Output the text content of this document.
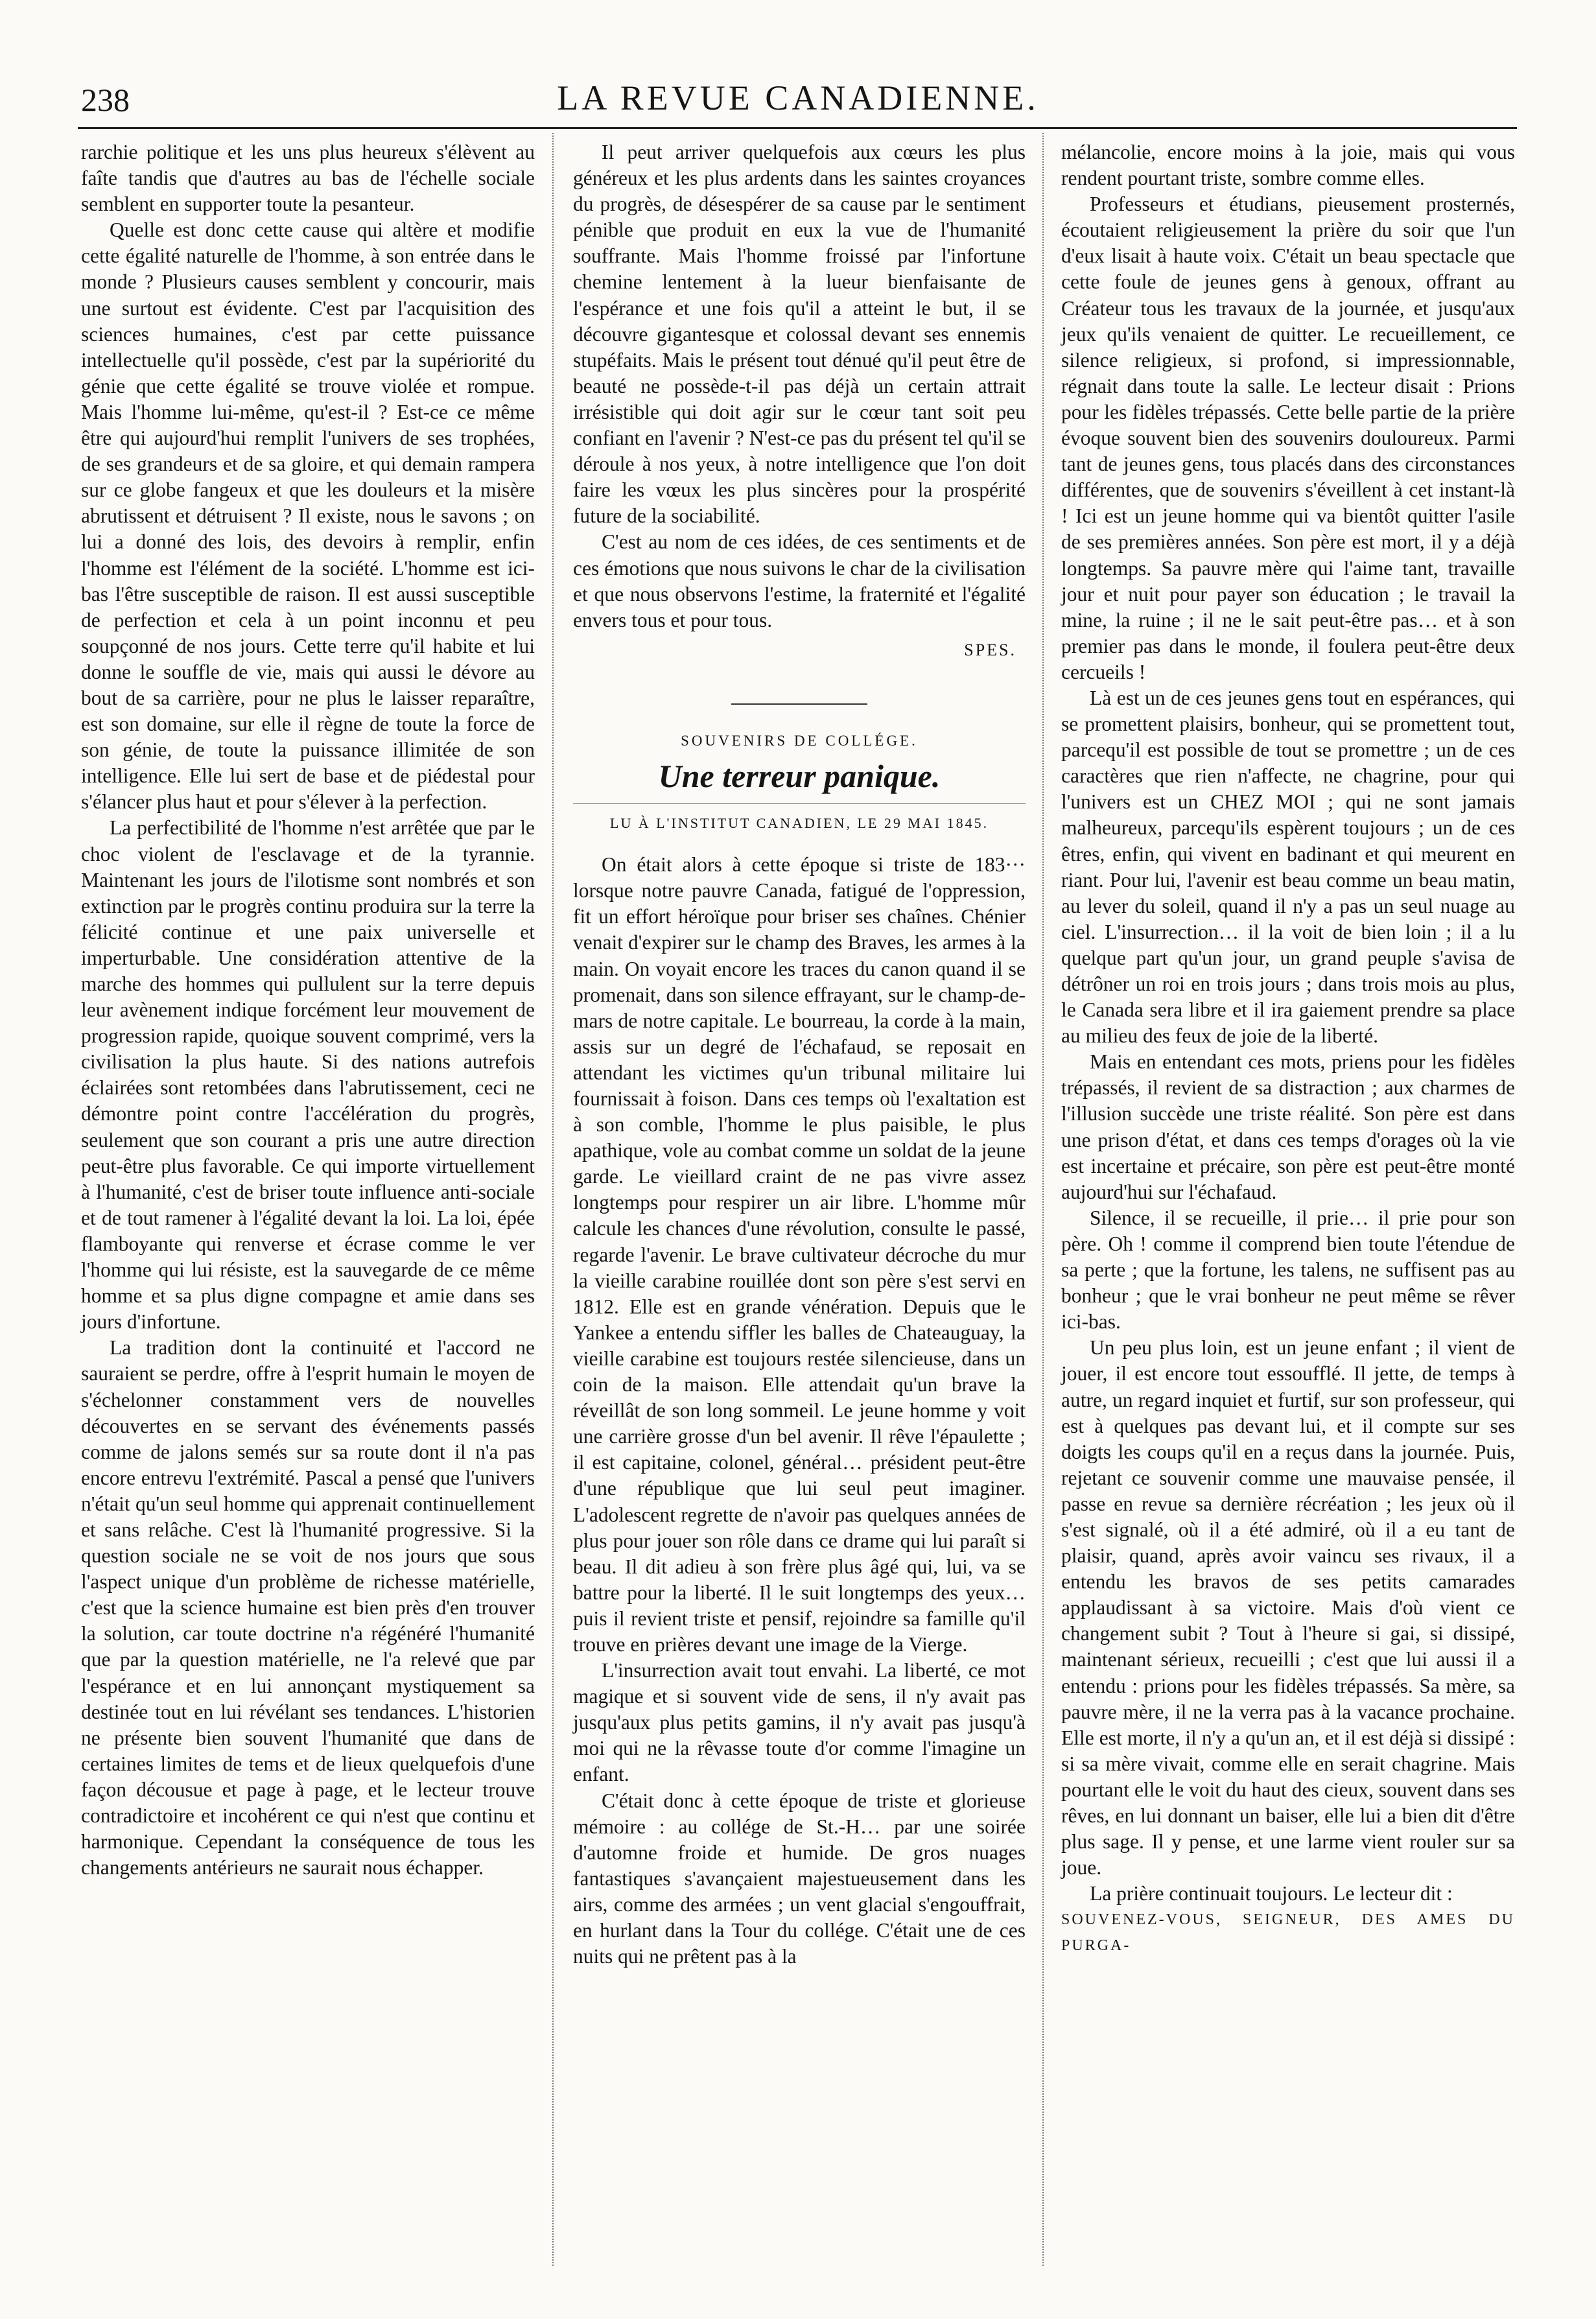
238	LA REVUE CANADIENNE.

rarchie politique et les uns plus heureux s'élèvent au faîte tandis que d'autres au bas de l'échelle sociale semblent en supporter toute la pesanteur.

Quelle est donc cette cause qui altère et modifie cette égalité naturelle de l'homme, à son entrée dans le monde ? Plusieurs causes semblent y concourir, mais une surtout est évidente. C'est par l'acquisition des sciences humaines, c'est par cette puissance intellectuelle qu'il possède, c'est par la supériorité du génie que cette égalité se trouve violée et rompue. Mais l'homme lui-même, qu'est-il ? Est-ce ce même être qui aujourd'hui remplit l'univers de ses trophées, de ses grandeurs et de sa gloire, et qui demain rampera sur ce globe fangeux et que les douleurs et la misère abrutissent et détruisent ? Il existe, nous le savons ; on lui a donné des lois, des devoirs à remplir, enfin l'homme est l'élément de la société. L'homme est ici-bas l'être susceptible de raison. Il est aussi susceptible de perfection et cela à un point inconnu et peu soupçonné de nos jours. Cette terre qu'il habite et lui donne le souffle de vie, mais qui aussi le dévore au bout de sa carrière, pour ne plus le laisser reparaître, est son domaine, sur elle il règne de toute la force de son génie, de toute la puissance illimitée de son intelligence. Elle lui sert de base et de piédestal pour s'élancer plus haut et pour s'élever à la perfection.

La perfectibilité de l'homme n'est arrêtée que par le choc violent de l'esclavage et de la tyrannie. Maintenant les jours de l'ilotisme sont nombrés et son extinction par le progrès continu produira sur la terre la félicité continue et une paix universelle et imperturbable. Une considération attentive de la marche des hommes qui pullulent sur la terre depuis leur avènement indique forcément leur mouvement de progression rapide, quoique souvent comprimé, vers la civilisation la plus haute. Si des nations autrefois éclairées sont retombées dans l'abrutissement, ceci ne démontre point contre l'accélération du progrès, seulement que son courant a pris une autre direction peut-être plus favorable. Ce qui importe virtuellement à l'humanité, c'est de briser toute influence anti-sociale et de tout ramener à l'égalité devant la loi. La loi, épée flamboyante qui renverse et écrase comme le ver l'homme qui lui résiste, est la sauvegarde de ce même homme et sa plus digne compagne et amie dans ses jours d'infortune.

La tradition dont la continuité et l'accord ne sauraient se perdre, offre à l'esprit humain le moyen de s'échelonner constamment vers de nouvelles découvertes en se servant des événements passés comme de jalons semés sur sa route dont il n'a pas encore entrevu l'extrémité. Pascal a pensé que l'univers n'était qu'un seul homme qui apprenait continuellement et sans relâche. C'est là l'humanité progressive. Si la question sociale ne se voit de nos jours que sous l'aspect unique d'un problème de richesse matérielle, c'est que la science humaine est bien près d'en trouver la solution, car toute doctrine n'a régénéré l'humanité que par la question matérielle, ne l'a relevé que par l'espérance et en lui annonçant mystiquement sa destinée tout en lui révélant ses tendances. L'historien ne présente bien souvent l'humanité que dans de certaines limites de tems et de lieux quelquefois d'une façon décousue et page à page, et le lecteur trouve contradictoire et incohérent ce qui n'est que continu et harmonique. Cependant la conséquence de tous les changements antérieurs ne saurait nous échapper.

Il peut arriver quelquefois aux cœurs les plus généreux et les plus ardents dans les saintes croyances du progrès, de désespérer de sa cause par le sentiment pénible que produit en eux la vue de l'humanité souffrante. Mais l'homme froissé par l'infortune chemine lentement à la lueur bienfaisante de l'espérance et une fois qu'il a atteint le but, il se découvre gigantesque et colossal devant ses ennemis stupéfaits. Mais le présent tout dénué qu'il peut être de beauté ne possède-t-il pas déjà un certain attrait irrésistible qui doit agir sur le cœur tant soit peu confiant en l'avenir ? N'est-ce pas du présent tel qu'il se déroule à nos yeux, à notre intelligence que l'on doit faire les vœux les plus sincères pour la prospérité future de la sociabilité.

C'est au nom de ces idées, de ces sentiments et de ces émotions que nous suivons le char de la civilisation et que nous observons l'estime, la fraternité et l'égalité envers tous et pour tous.

SPES.

SOUVENIRS DE COLLÉGE.
Une terreur panique.
LU À L'INSTITUT CANADIEN, LE 29 MAI 1845.

On était alors à cette époque si triste de 183··· lorsque notre pauvre Canada, fatigué de l'oppression, fit un effort héroïque pour briser ses chaînes. Chénier venait d'expirer sur le champ des Braves, les armes à la main. On voyait encore les traces du canon quand il se promenait, dans son silence effrayant, sur le champ-de-mars de notre capitale. Le bourreau, la corde à la main, assis sur un degré de l'échafaud, se reposait en attendant les victimes qu'un tribunal militaire lui fournissait à foison. Dans ces temps où l'exaltation est à son comble, l'homme le plus paisible, le plus apathique, vole au combat comme un soldat de la jeune garde. Le vieillard craint de ne pas vivre assez longtemps pour respirer un air libre. L'homme mûr calcule les chances d'une révolution, consulte le passé, regarde l'avenir. Le brave cultivateur décroche du mur la vieille carabine rouillée dont son père s'est servi en 1812. Elle est en grande vénération. Depuis que le Yankee a entendu siffler les balles de Chateauguay, la vieille carabine est toujours restée silencieuse, dans un coin de la maison. Elle attendait qu'un brave la réveillât de son long sommeil. Le jeune homme y voit une carrière grosse d'un bel avenir. Il rêve l'épaulette ; il est capitaine, colonel, général… président peut-être d'une république que lui seul peut imaginer. L'adolescent regrette de n'avoir pas quelques années de plus pour jouer son rôle dans ce drame qui lui paraît si beau. Il dit adieu à son frère plus âgé qui, lui, va se battre pour la liberté. Il le suit longtemps des yeux… puis il revient triste et pensif, rejoindre sa famille qu'il trouve en prières devant une image de la Vierge.

L'insurrection avait tout envahi. La liberté, ce mot magique et si souvent vide de sens, il n'y avait pas jusqu'aux plus petits gamins, il n'y avait pas jusqu'à moi qui ne la rêvasse toute d'or comme l'imagine un enfant.

C'était donc à cette époque de triste et glorieuse mémoire : au collége de St.-H… par une soirée d'automne froide et humide. De gros nuages fantastiques s'avançaient majestueusement dans les airs, comme des armées ; un vent glacial s'engouffrait, en hurlant dans la Tour du collége. C'était une de ces nuits qui ne prêtent pas à la

mélancolie, encore moins à la joie, mais qui vous rendent pourtant triste, sombre comme elles.

Professeurs et étudians, pieusement prosternés, écoutaient religieusement la prière du soir que l'un d'eux lisait à haute voix. C'était un beau spectacle que cette foule de jeunes gens à genoux, offrant au Créateur tous les travaux de la journée, et jusqu'aux jeux qu'ils venaient de quitter. Le recueillement, ce silence religieux, si profond, si impressionnable, régnait dans toute la salle. Le lecteur disait : Prions pour les fidèles trépassés. Cette belle partie de la prière évoque souvent bien des souvenirs douloureux. Parmi tant de jeunes gens, tous placés dans des circonstances différentes, que de souvenirs s'éveillent à cet instant-là ! Ici est un jeune homme qui va bientôt quitter l'asile de ses premières années. Son père est mort, il y a déjà longtemps. Sa pauvre mère qui l'aime tant, travaille jour et nuit pour payer son éducation ; le travail la mine, la ruine ; il ne le sait peut-être pas… et à son premier pas dans le monde, il foulera peut-être deux cercueils !

Là est un de ces jeunes gens tout en espérances, qui se promettent plaisirs, bonheur, qui se promettent tout, parcequ'il est possible de tout se promettre ; un de ces caractères que rien n'affecte, ne chagrine, pour qui l'univers est un CHEZ MOI ; qui ne sont jamais malheureux, parcequ'ils espèrent toujours ; un de ces êtres, enfin, qui vivent en badinant et qui meurent en riant. Pour lui, l'avenir est beau comme un beau matin, au lever du soleil, quand il n'y a pas un seul nuage au ciel. L'insurrection… il la voit de bien loin ; il a lu quelque part qu'un jour, un grand peuple s'avisa de détrôner un roi en trois jours ; dans trois mois au plus, le Canada sera libre et il ira gaiement prendre sa place au milieu des feux de joie de la liberté.

Mais en entendant ces mots, priens pour les fidèles trépassés, il revient de sa distraction ; aux charmes de l'illusion succède une triste réalité. Son père est dans une prison d'état, et dans ces temps d'orages où la vie est incertaine et précaire, son père est peut-être monté aujourd'hui sur l'échafaud.

Silence, il se recueille, il prie… il prie pour son père. Oh ! comme il comprend bien toute l'étendue de sa perte ; que la fortune, les talens, ne suffisent pas au bonheur ; que le vrai bonheur ne peut même se rêver ici-bas.

Un peu plus loin, est un jeune enfant ; il vient de jouer, il est encore tout essoufflé. Il jette, de temps à autre, un regard inquiet et furtif, sur son professeur, qui est à quelques pas devant lui, et il compte sur ses doigts les coups qu'il en a reçus dans la journée. Puis, rejetant ce souvenir comme une mauvaise pensée, il passe en revue sa dernière récréation ; les jeux où il s'est signalé, où il a été admiré, où il a eu tant de plaisir, quand, après avoir vaincu ses rivaux, il a entendu les bravos de ses petits camarades applaudissant à sa victoire. Mais d'où vient ce changement subit ? Tout à l'heure si gai, si dissipé, maintenant sérieux, recueilli ; c'est que lui aussi il a entendu : prions pour les fidèles trépassés. Sa mère, sa pauvre mère, il ne la verra pas à la vacance prochaine. Elle est morte, il n'y a qu'un an, et il est déjà si dissipé : si sa mère vivait, comme elle en serait chagrine. Mais pourtant elle le voit du haut des cieux, souvent dans ses rêves, en lui donnant un baiser, elle lui a bien dit d'être plus sage. Il y pense, et une larme vient rouler sur sa joue.

La prière continuait toujours. Le lecteur dit :

SOUVENEZ-VOUS, SEIGNEUR, DES AMES DU PURGA-
